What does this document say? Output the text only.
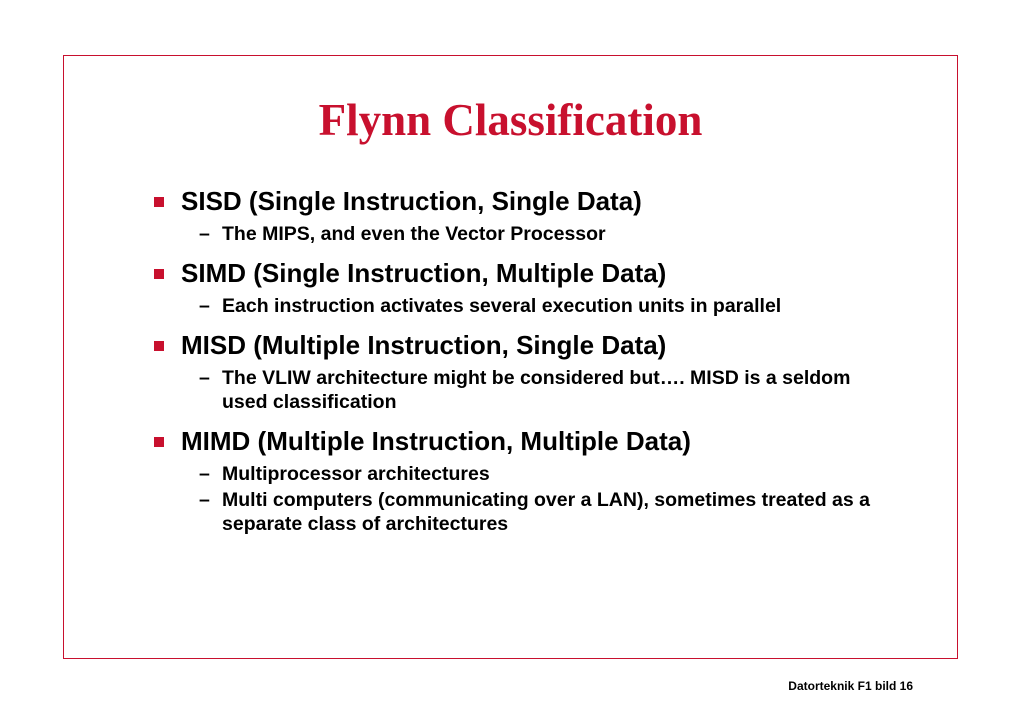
Flynn Classification
SISD (Single Instruction, Single Data)
– The MIPS, and even the Vector Processor
SIMD (Single Instruction, Multiple Data)
– Each instruction activates several execution units in parallel
MISD (Multiple Instruction, Single Data)
– The VLIW architecture might be considered but…. MISD is a seldom used classification
MIMD (Multiple Instruction, Multiple Data)
– Multiprocessor architectures
– Multi computers (communicating over a LAN), sometimes treated as a separate class of architectures
Datorteknik F1 bild 16
